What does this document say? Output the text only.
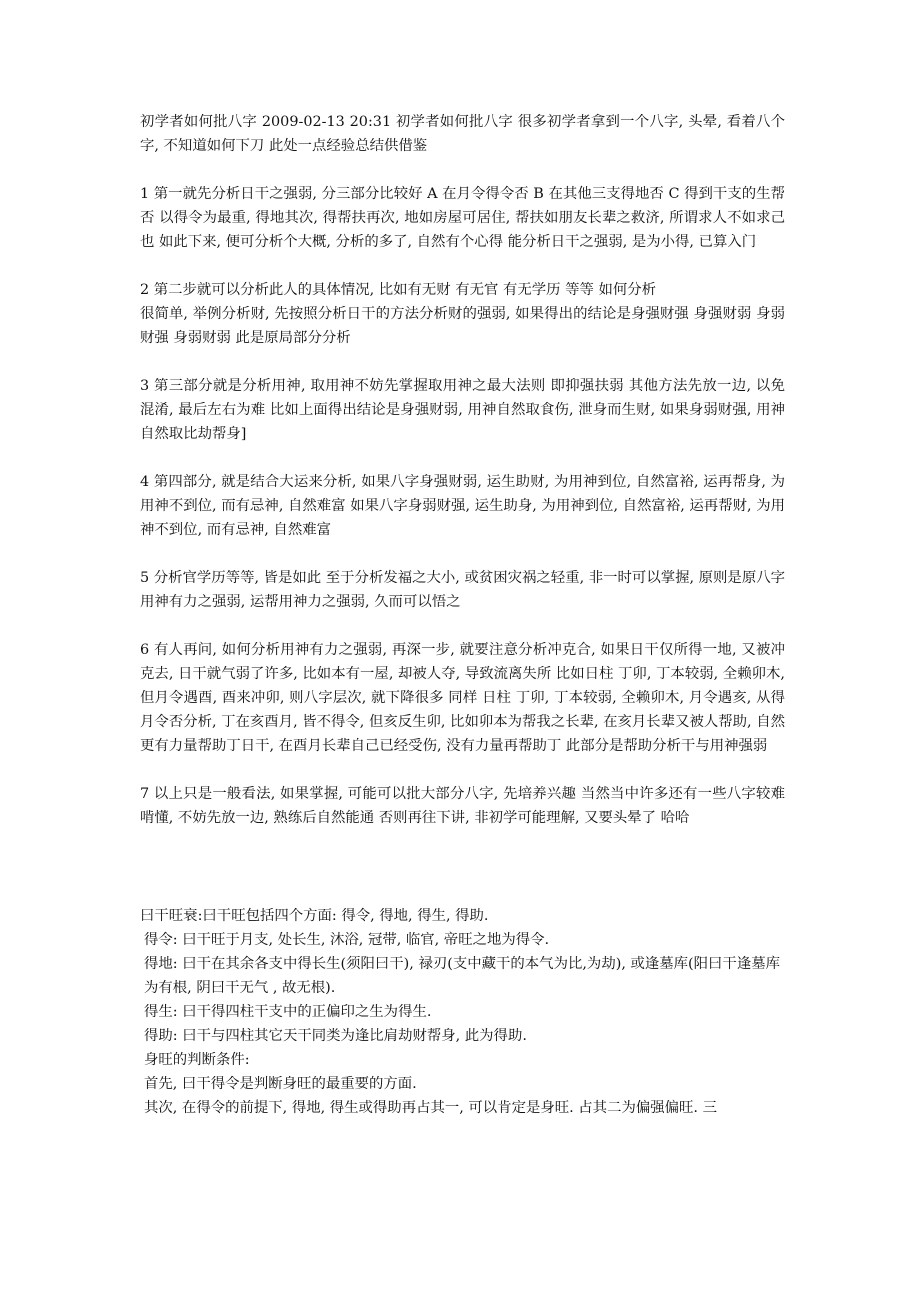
初学者如何批八字 2009-02-13 20:31 初学者如何批八字 很多初学者拿到一个八字, 头晕, 看着八个字, 不知道如何下刀 此处一点经验总结供借鉴

1 第一就先分析日干之强弱, 分三部分比较好 A 在月令得令否 B 在其他三支得地否 C 得到干支的生帮否 以得令为最重, 得地其次, 得帮扶再次, 地如房屋可居住, 帮扶如朋友长辈之救济, 所谓求人不如求己也 如此下来, 便可分析个大概, 分析的多了, 自然有个心得 能分析日干之强弱, 是为小得, 已算入门

2 第二步就可以分析此人的具体情况, 比如有无财 有无官 有无学历 等等 如何分析

很简单, 举例分析财, 先按照分析日干的方法分析财的强弱, 如果得出的结论是身强财强 身强财弱 身弱财强 身弱财弱 此是原局部分分析

3 第三部分就是分析用神, 取用神不妨先掌握取用神之最大法则 即抑强扶弱 其他方法先放一边, 以免混淆, 最后左右为难 比如上面得出结论是身强财弱, 用神自然取食伤, 泄身而生财, 如果身弱财强, 用神自然取比劫帮身]

4 第四部分, 就是结合大运来分析, 如果八字身强财弱, 运生助财, 为用神到位, 自然富裕, 运再帮身, 为用神不到位, 而有忌神, 自然难富 如果八字身弱财强, 运生助身, 为用神到位, 自然富裕, 运再帮财, 为用神不到位, 而有忌神, 自然难富

5 分析官学历等等, 皆是如此 至于分析发福之大小, 或贫困灾祸之轻重, 非一时可以掌握, 原则是原八字用神有力之强弱, 运帮用神力之强弱, 久而可以悟之

6 有人再问, 如何分析用神有力之强弱, 再深一步, 就要注意分析冲克合, 如果日干仅所得一地, 又被冲克去, 日干就气弱了许多, 比如本有一屋, 却被人夺, 导致流离失所 比如日柱 丁卯, 丁本较弱, 全赖卯木, 但月令遇酉, 酉来冲卯, 则八字层次, 就下降很多 同样 日柱 丁卯, 丁本较弱, 全赖卯木, 月令遇亥, 从得月令否分析, 丁在亥酉月, 皆不得令, 但亥反生卯, 比如卯本为帮我之长辈, 在亥月长辈又被人帮助, 自然更有力量帮助丁日干, 在酉月长辈自己已经受伤, 没有力量再帮助丁 此部分是帮助分析干与用神强弱

7 以上只是一般看法, 如果掌握, 可能可以批大部分八字, 先培养兴趣 当然当中许多还有一些八字较难啃懂, 不妨先放一边, 熟练后自然能通 否则再往下讲, 非初学可能理解, 又要头晕了 哈哈

曰干旺衰:曰干旺包括四个方面: 得令, 得地, 得生, 得助.

得令: 曰干旺于月支, 处长生, 沐浴, 冠带, 临官, 帝旺之地为得令.

得地: 曰干在其余各支中得长生(须阳曰干), 禄刃(支中藏干的本气为比,为劫), 或逢墓库(阳曰干逢墓库为有根, 阴曰干无气 , 故无根).

得生: 曰干得四柱干支中的正偏印之生为得生.

得助: 曰干与四柱其它天干同类为逢比肩劫财帮身, 此为得助.

身旺的判断条件:

首先, 曰干得令是判断身旺的最重要的方面.

其次, 在得令的前提下, 得地, 得生或得助再占其一, 可以肯定是身旺. 占其二为偏强偏旺. 三
